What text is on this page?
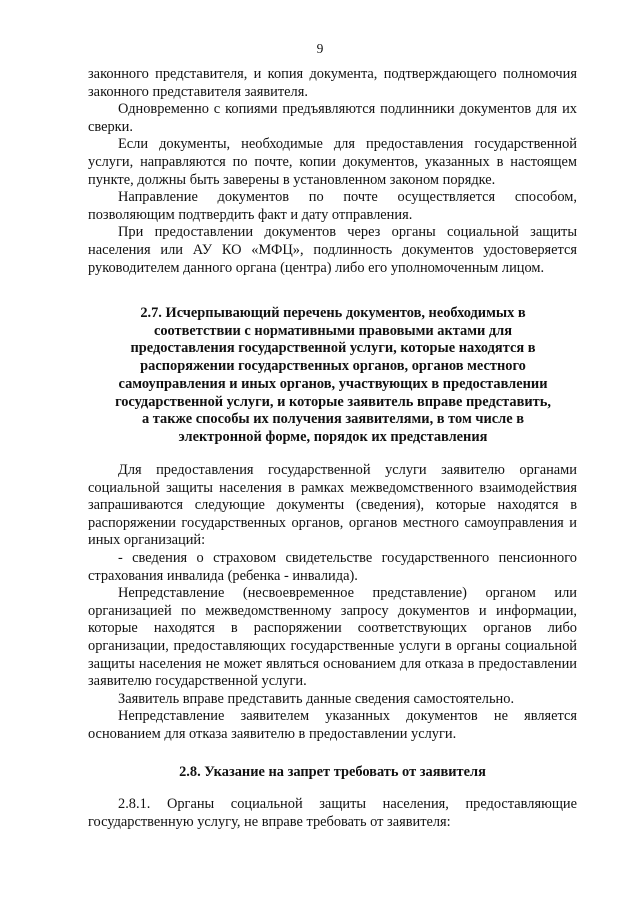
9

законного представителя, и копия документа, подтверждающего полномочия законного представителя заявителя.

Одновременно с копиями предъявляются подлинники документов для их сверки.

Если документы, необходимые для предоставления государственной услуги, направляются по почте, копии документов, указанных в настоящем пункте, должны быть заверены в установленном законом порядке.

Направление документов по почте осуществляется способом, позволяющим подтвердить факт и дату отправления.

При предоставлении документов через органы социальной защиты населения или АУ КО «МФЦ», подлинность документов удостоверяется руководителем данного органа (центра) либо его уполномоченным лицом.

2.7. Исчерпывающий перечень документов, необходимых в соответствии с нормативными правовыми актами для предоставления государственной услуги, которые находятся в распоряжении государственных органов, органов местного самоуправления и иных органов, участвующих в предоставлении государственной услуги, и которые заявитель вправе представить, а также способы их получения заявителями, в том числе в электронной форме, порядок их представления

Для предоставления государственной услуги заявителю органами социальной защиты населения в рамках межведомственного взаимодействия запрашиваются следующие документы (сведения), которые находятся в распоряжении государственных органов, органов местного самоуправления и иных организаций:

- сведения о страховом свидетельстве государственного пенсионного страхования инвалида (ребенка - инвалида).

Непредставление (несвоевременное представление) органом или организацией по межведомственному запросу документов и информации, которые находятся в распоряжении соответствующих органов либо организации, предоставляющих государственные услуги в органы социальной защиты населения не может являться основанием для отказа в предоставлении заявителю государственной услуги.

Заявитель вправе представить данные сведения самостоятельно.

Непредставление заявителем указанных документов не является основанием для отказа заявителю в предоставлении услуги.

2.8. Указание на запрет требовать от заявителя

2.8.1. Органы социальной защиты населения, предоставляющие государственную услугу, не вправе требовать от заявителя:
